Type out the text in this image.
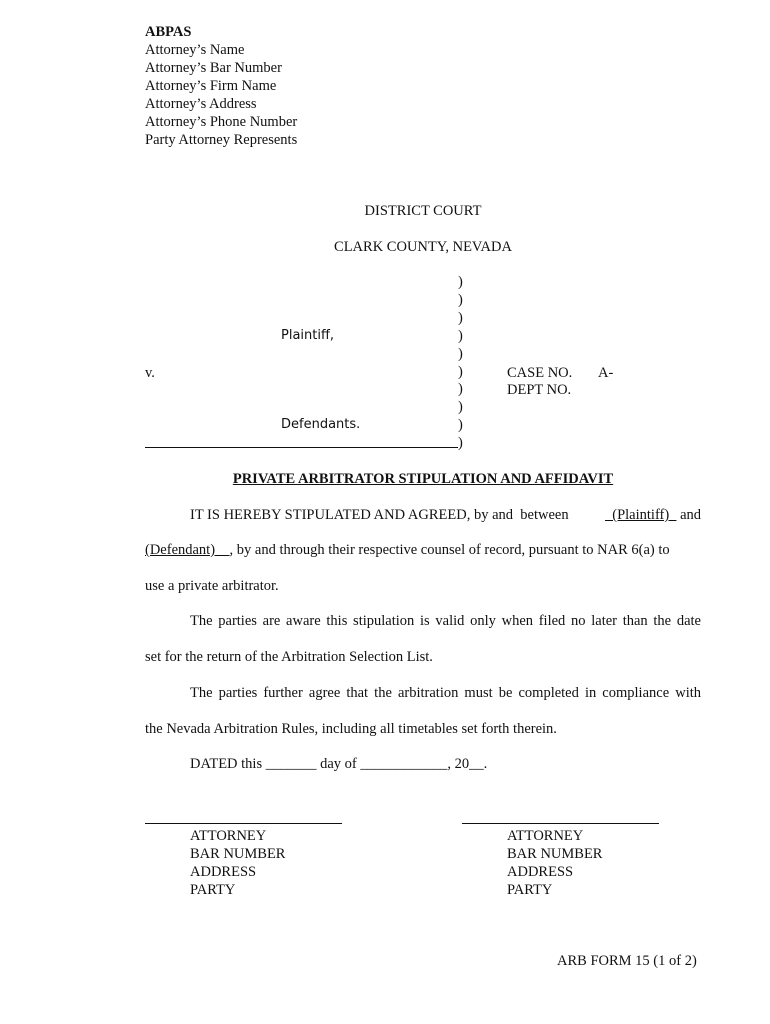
ABPAS
Attorney’s Name
Attorney’s Bar Number
Attorney’s Firm Name
Attorney’s Address
Attorney’s Phone Number
Party Attorney Represents
DISTRICT COURT
CLARK COUNTY, NEVADA
)
)
)
)
)
)
)
)
)
)
Plaintiff,
v.
Defendants.
CASE NO. A-
DEPT NO.
PRIVATE ARBITRATOR STIPULATION AND AFFIDAVIT
IT IS HEREBY STIPULATED AND AGREED, by and  between (Plaintiff) and
(Defendant) , by and through their respective counsel of record, pursuant to NAR 6(a) to
use a private arbitrator.
The parties are aware this stipulation is valid only when filed no later than the date
set for the return of the Arbitration Selection List.
The parties further agree that the arbitration must be completed in compliance with
the Nevada Arbitration Rules, including all timetables set forth therein.
DATED this _______ day of ____________, 20__.
ATTORNEY
BAR NUMBER
ADDRESS
PARTY
ATTORNEY
BAR NUMBER
ADDRESS
PARTY
ARB FORM 15 (1 of 2)
